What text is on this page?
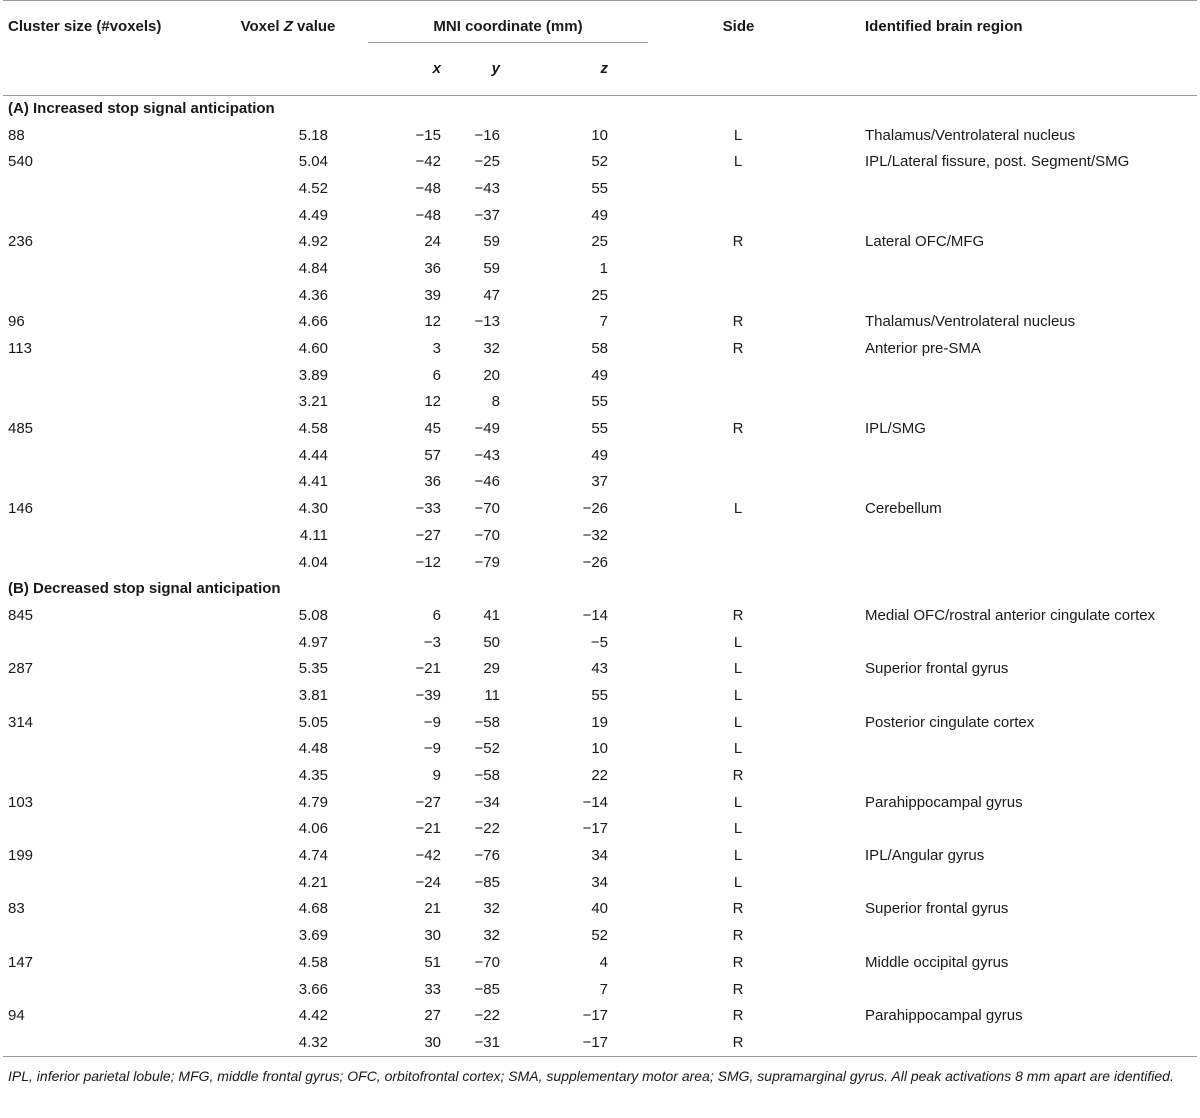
Cluster size (#voxels)	Voxel Z value	MNI coordinate (mm)			Side	Identified brain region
		x	y	z		
(A) Increased stop signal anticipation						
88	5.18	−15	−16	10	L	Thalamus/Ventrolateral nucleus
540	5.04	−42	−25	52	L	IPL/Lateral fissure, post. Segment/SMG
	4.52	−48	−43	55		
	4.49	−48	−37	49		
236	4.92	24	59	25	R	Lateral OFC/MFG
	4.84	36	59	1		
	4.36	39	47	25		
96	4.66	12	−13	7	R	Thalamus/Ventrolateral nucleus
113	4.60	3	32	58	R	Anterior pre-SMA
	3.89	6	20	49		
	3.21	12	8	55		
485	4.58	45	−49	55	R	IPL/SMG
	4.44	57	−43	49		
	4.41	36	−46	37		
146	4.30	−33	−70	−26	L	Cerebellum
	4.11	−27	−70	−32		
	4.04	−12	−79	−26		
(B) Decreased stop signal anticipation						
845	5.08	6	41	−14	R	Medial OFC/rostral anterior cingulate cortex
	4.97	−3	50	−5	L	
287	5.35	−21	29	43	L	Superior frontal gyrus
	3.81	−39	11	55	L	
314	5.05	−9	−58	19	L	Posterior cingulate cortex
	4.48	−9	−52	10	L	
	4.35	9	−58	22	R	
103	4.79	−27	−34	−14	L	Parahippocampal gyrus
	4.06	−21	−22	−17	L	
199	4.74	−42	−76	34	L	IPL/Angular gyrus
	4.21	−24	−85	34	L	
83	4.68	21	32	40	R	Superior frontal gyrus
	3.69	30	32	52	R	
147	4.58	51	−70	4	R	Middle occipital gyrus
	3.66	33	−85	7	R	
94	4.42	27	−22	−17	R	Parahippocampal gyrus
	4.32	30	−31	−17	R	
IPL, inferior parietal lobule; MFG, middle frontal gyrus; OFC, orbitofrontal cortex; SMA, supplementary motor area; SMG, supramarginal gyrus. All peak activations 8 mm apart are identified.
